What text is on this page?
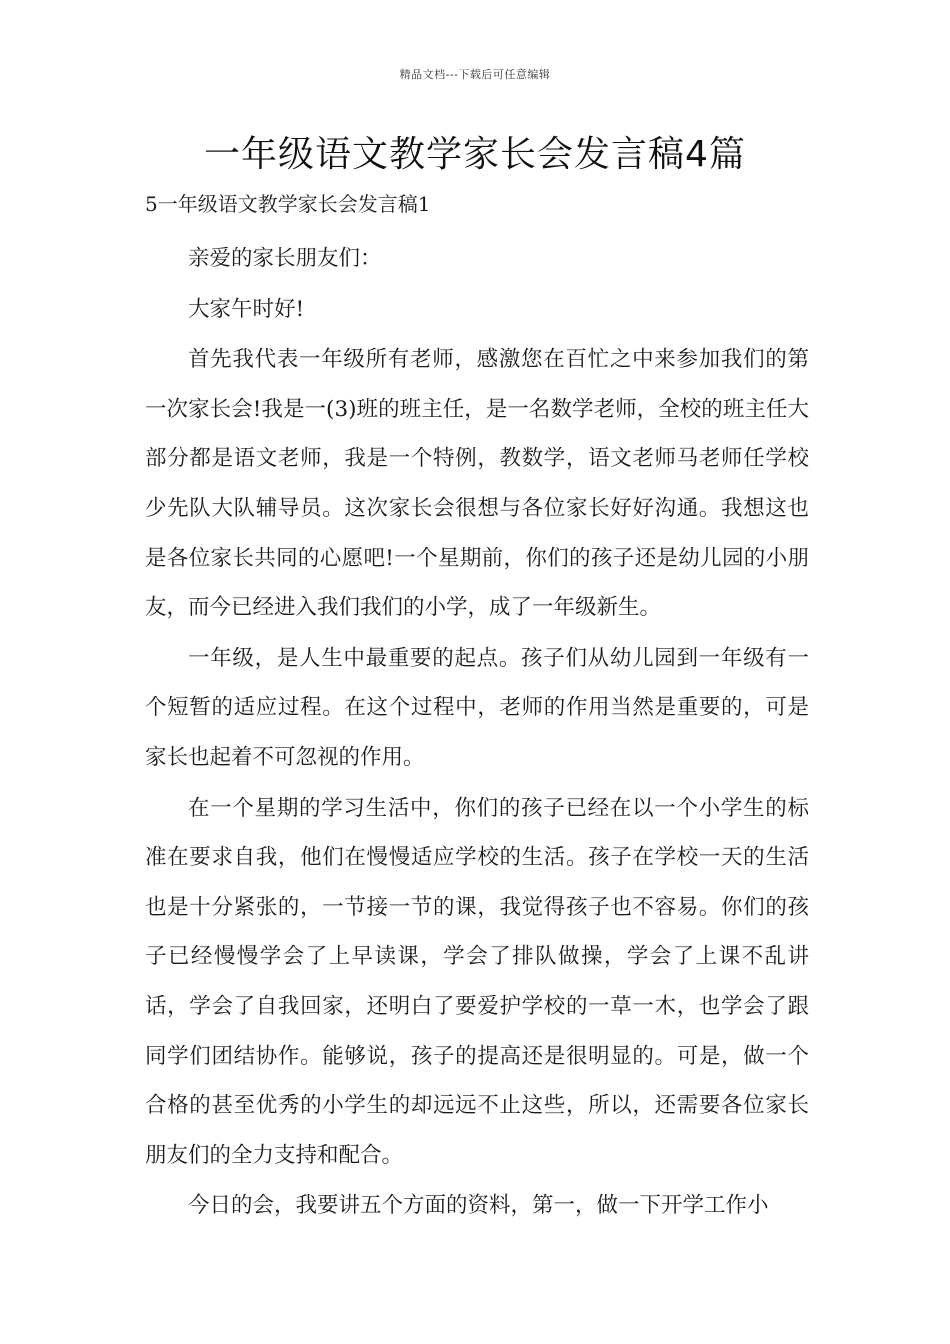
精品文档---下载后可任意编辑
一年级语文教学家长会发言稿4篇
5一年级语文教学家长会发言稿1

亲爱的家长朋友们：

大家午时好!

首先我代表一年级所有老师，感激您在百忙之中来参加我们的第一次家长会!我是一(3)班的班主任，是一名数学老师，全校的班主任大部分都是语文老师，我是一个特例，教数学，语文老师马老师任学校少先队大队辅导员。这次家长会很想与各位家长好好沟通。我想这也是各位家长共同的心愿吧!一个星期前，你们的孩子还是幼儿园的小朋友，而今已经进入我们我们的小学，成了一年级新生。

一年级，是人生中最重要的起点。孩子们从幼儿园到一年级有一个短暂的适应过程。在这个过程中，老师的作用当然是重要的，可是家长也起着不可忽视的作用。

在一个星期的学习生活中，你们的孩子已经在以一个小学生的标准在要求自我，他们在慢慢适应学校的生活。孩子在学校一天的生活也是十分紧张的，一节接一节的课，我觉得孩子也不容易。你们的孩子已经慢慢学会了上早读课，学会了排队做操，学会了上课不乱讲话，学会了自我回家，还明白了要爱护学校的一草一木，也学会了跟同学们团结协作。能够说，孩子的提高还是很明显的。可是，做一个合格的甚至优秀的小学生的却远远不止这些，所以，还需要各位家长朋友们的全力支持和配合。

今日的会，我要讲五个方面的资料，第一，做一下开学工作小
